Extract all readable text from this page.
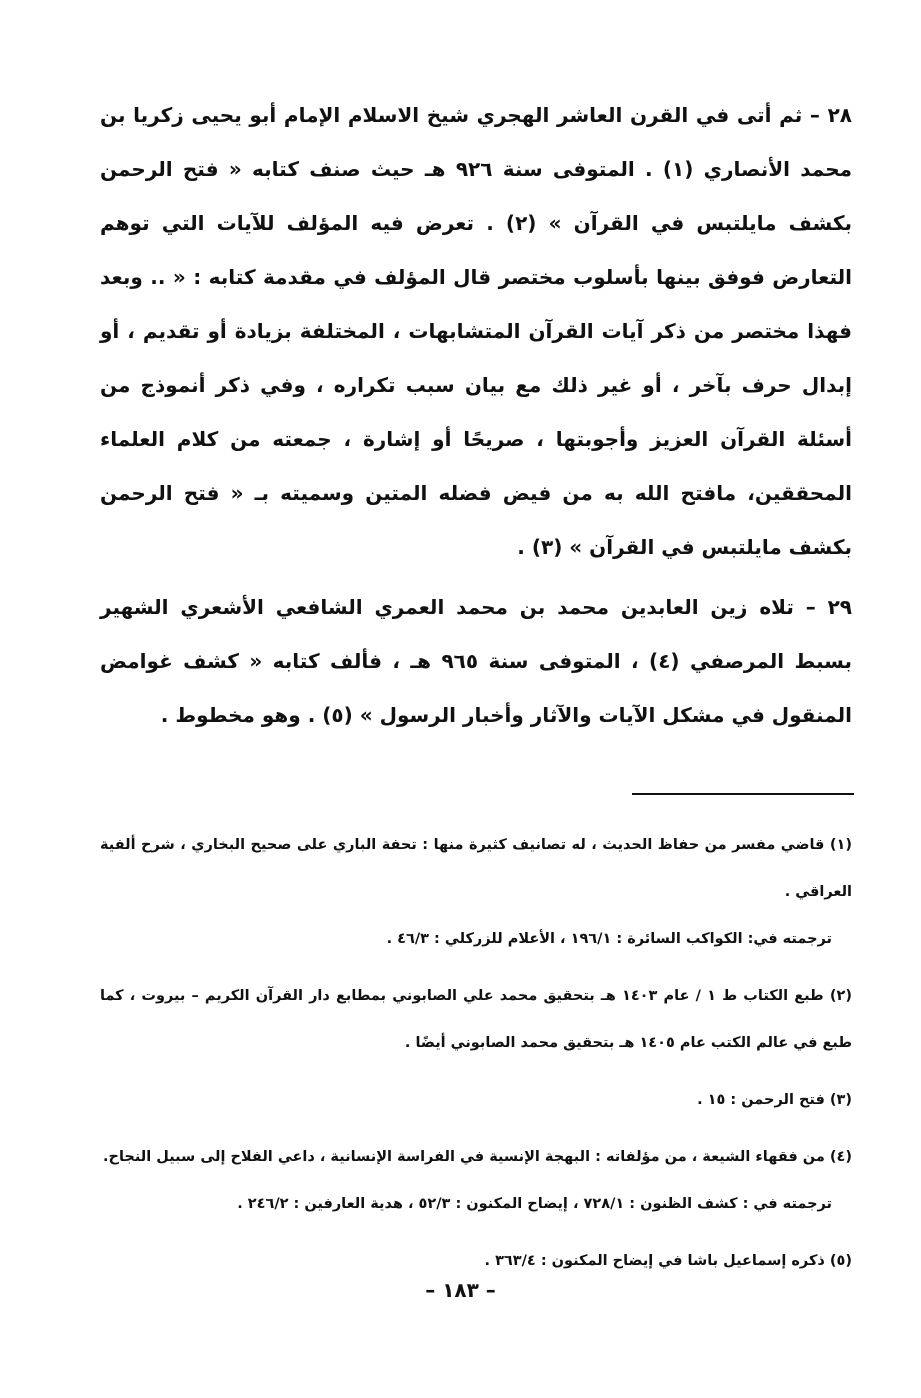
٢٨ – ثم أتى في القرن العاشر الهجري شيخ الاسلام الإمام أبو يحيى زكريا بن محمد الأنصاري (١) . المتوفى سنة ٩٢٦ هـ حيث صنف كتابه « فتح الرحمن بكشف مايلتبس في القرآن » (٢) . تعرض فيه المؤلف للآيات التي توهم التعارض فوفق بينها بأسلوب مختصر قال المؤلف في مقدمة كتابه : « .. وبعد فهذا مختصر من ذكر آيات القرآن المتشابهات ، المختلفة بزيادة أو تقديم ، أو إبدال حرف بآخر ، أو غير ذلك مع بيان سبب تكراره ، وفي ذكر أنموذج من أسئلة القرآن العزيز وأجوبتها ، صريحًا أو إشارة ، جمعته من كلام العلماء المحققين، مافتح الله به من فيض فضله المتين وسميته بـ « فتح الرحمن بكشف مايلتبس في القرآن » (٣) .

٢٩ – تلاه زين العابدين محمد بن محمد العمري الشافعي الأشعري الشهير بسبط المرصفي (٤) ، المتوفى سنة ٩٦٥ هـ ، فألف كتابه « كشف غوامض المنقول في مشكل الآيات والآثار وأخبار الرسول » (٥) . وهو مخطوط .

(١) قاضي مفسر من حفاظ الحديث ، له تصانيف كثيرة منها : تحفة الباري على صحيح البخاري ، شرح ألفية العراقي .
ترجمته في: الكواكب السائرة : ١٩٦/١ ، الأعلام للزركلي : ٤٦/٣ .

(٢) طبع الكتاب ط ١ / عام ١٤٠٣ هـ بتحقيق محمد علي الصابوني بمطابع دار القرآن الكريم – بيروت ، كما طبع في عالم الكتب عام ١٤٠٥ هـ بتحقيق محمد الصابوني أيضًا .

(٣) فتح الرحمن : ١٥ .

(٤) من فقهاء الشيعة ، من مؤلفاته : البهجة الإنسية في الفراسة الإنسانية ، داعي الفلاح إلى سبيل النجاح.
ترجمته في : كشف الظنون : ٧٢٨/١ ، إيضاح المكنون : ٥٢/٣ ، هدية العارفين : ٢٤٦/٢ .

(٥) ذكره إسماعيل باشا في إيضاح المكنون : ٣٦٣/٤ .

– ١٨٣ –
